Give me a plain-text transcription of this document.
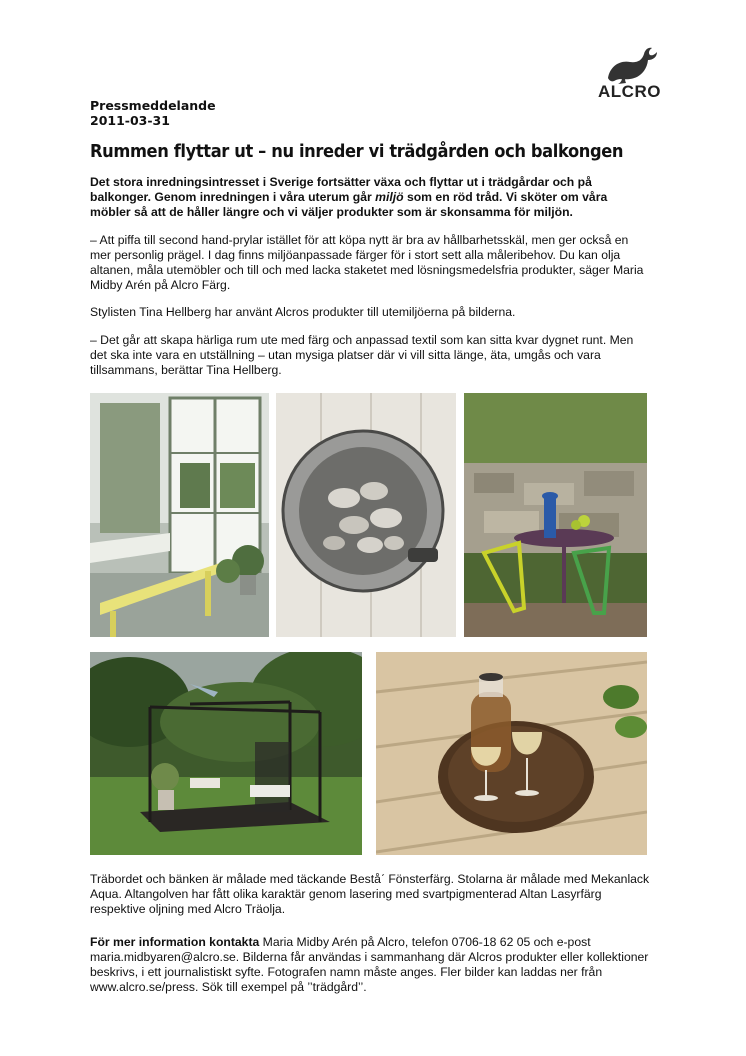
ALCRO
Pressmeddelande
2011-03-31
Rummen flyttar ut – nu inreder vi trädgården och balkongen
Det stora inredningsintresset i Sverige fortsätter växa och flyttar ut i trädgårdar och på balkonger. Genom inredningen i våra uterum går miljö som en röd tråd. Vi sköter om våra möbler så att de håller längre och vi väljer produkter som är skonsamma för miljön.
– Att piffa till second hand-prylar istället för att köpa nytt är bra av hållbarhetsskäl, men ger också en mer personlig prägel. I dag finns miljöanpassade färger för i stort sett alla måleribehov. Du kan olja altanen, måla utemöbler och till och med lacka staketet med lösningsmedelsfria produkter, säger Maria Midby Arén på Alcro Färg.
Stylisten Tina Hellberg har använt Alcros produkter till utemiljöerna på bilderna.
– Det går att skapa härliga rum ute med färg och anpassad textil som kan sitta kvar dygnet runt. Men det ska inte vara en utställning – utan mysiga platser där vi vill sitta länge, äta, umgås och vara tillsammans, berättar Tina Hellberg.
Träbordet och bänken är målade med täckande Beståˊ Fönsterfärg. Stolarna är målade med Mekanlack Aqua. Altangolven har fått olika karaktär genom lasering med svartpigmenterad Altan Lasyrfärg respektive oljning med Alcro Träolja.
För mer information kontakta Maria Midby Arén på Alcro, telefon 0706-18 62 05 och e-post maria.midbyaren@alcro.se. Bilderna får användas i sammanhang där Alcros produkter eller kollektioner beskrivs, i ett journalistiskt syfte. Fotografen namn måste anges. Fler bilder kan laddas ner från www.alcro.se/press. Sök till exempel på ’’trädgård’’.
